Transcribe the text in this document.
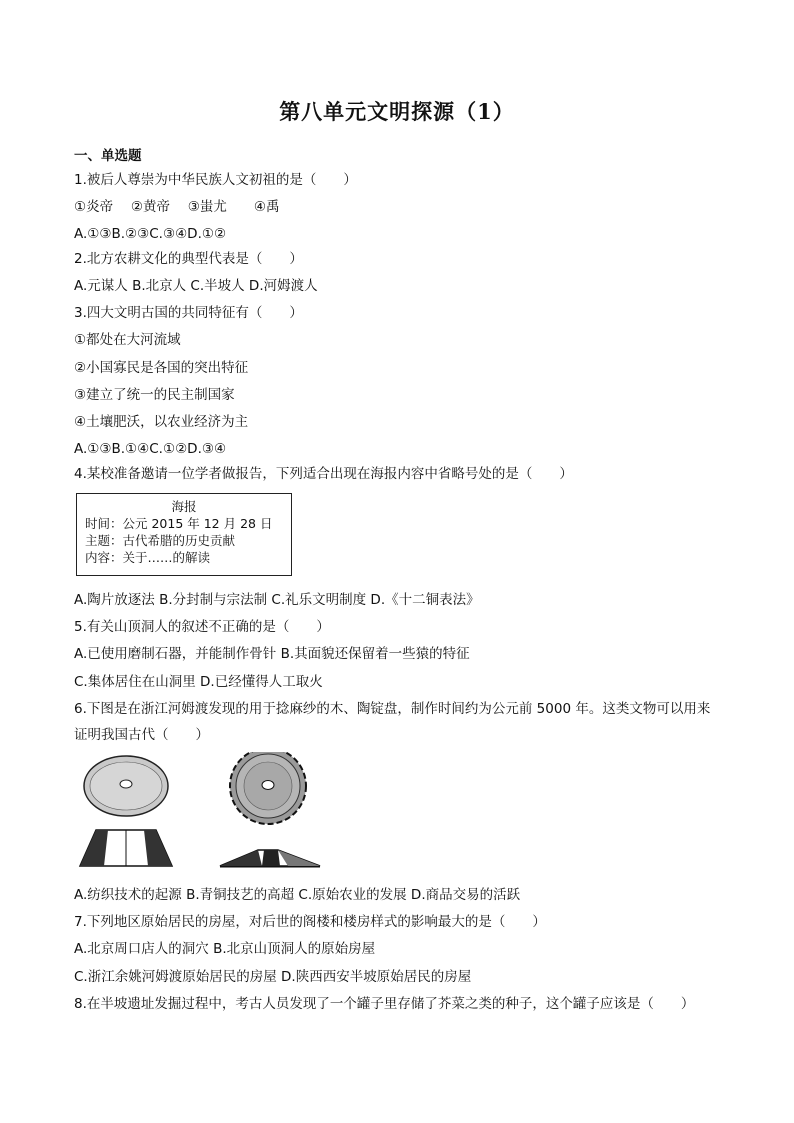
第八单元文明探源（1）
一、单选题
1.被后人尊崇为中华民族人文初祖的是（　　）
①炎帝　 ②黄帝　 ③蚩尤　　④禹
A.①③B.②③C.③④D.①②
2.北方农耕文化的典型代表是（　　）
A.元谋人 B.北京人 C.半坡人 D.河姆渡人
3.四大文明古国的共同特征有（　　）
①都处在大河流域
②小国寡民是各国的突出特征
③建立了统一的民主制国家
④土壤肥沃，以农业经济为主
A.①③B.①④C.①②D.③④
4.某校准备邀请一位学者做报告，下列适合出现在海报内容中省略号处的是（　　）
海报
时间：公元 2015 年 12 月 28 日
主题：古代希腊的历史贡献
内容：关于……的解读
A.陶片放逐法 B.分封制与宗法制 C.礼乐文明制度 D.《十二铜表法》
5.有关山顶洞人的叙述不正确的是（　　）
A.已使用磨制石器，并能制作骨针 B.其面貌还保留着一些猿的特征
C.集体居住在山洞里 D.已经懂得人工取火
6.下图是在浙江河姆渡发现的用于捻麻纱的木、陶锭盘，制作时间约为公元前 5000 年。这类文物可以用来
证明我国古代（　　）
A.纺织技术的起源 B.青铜技艺的高超 C.原始农业的发展 D.商品交易的活跃
7.下列地区原始居民的房屋，对后世的阁楼和楼房样式的影响最大的是（　　）
A.北京周口店人的洞穴 B.北京山顶洞人的原始房屋
C.浙江余姚河姆渡原始居民的房屋 D.陕西西安半坡原始居民的房屋
8.在半坡遗址发掘过程中，考古人员发现了一个罐子里存储了芥菜之类的种子，这个罐子应该是（　　）
